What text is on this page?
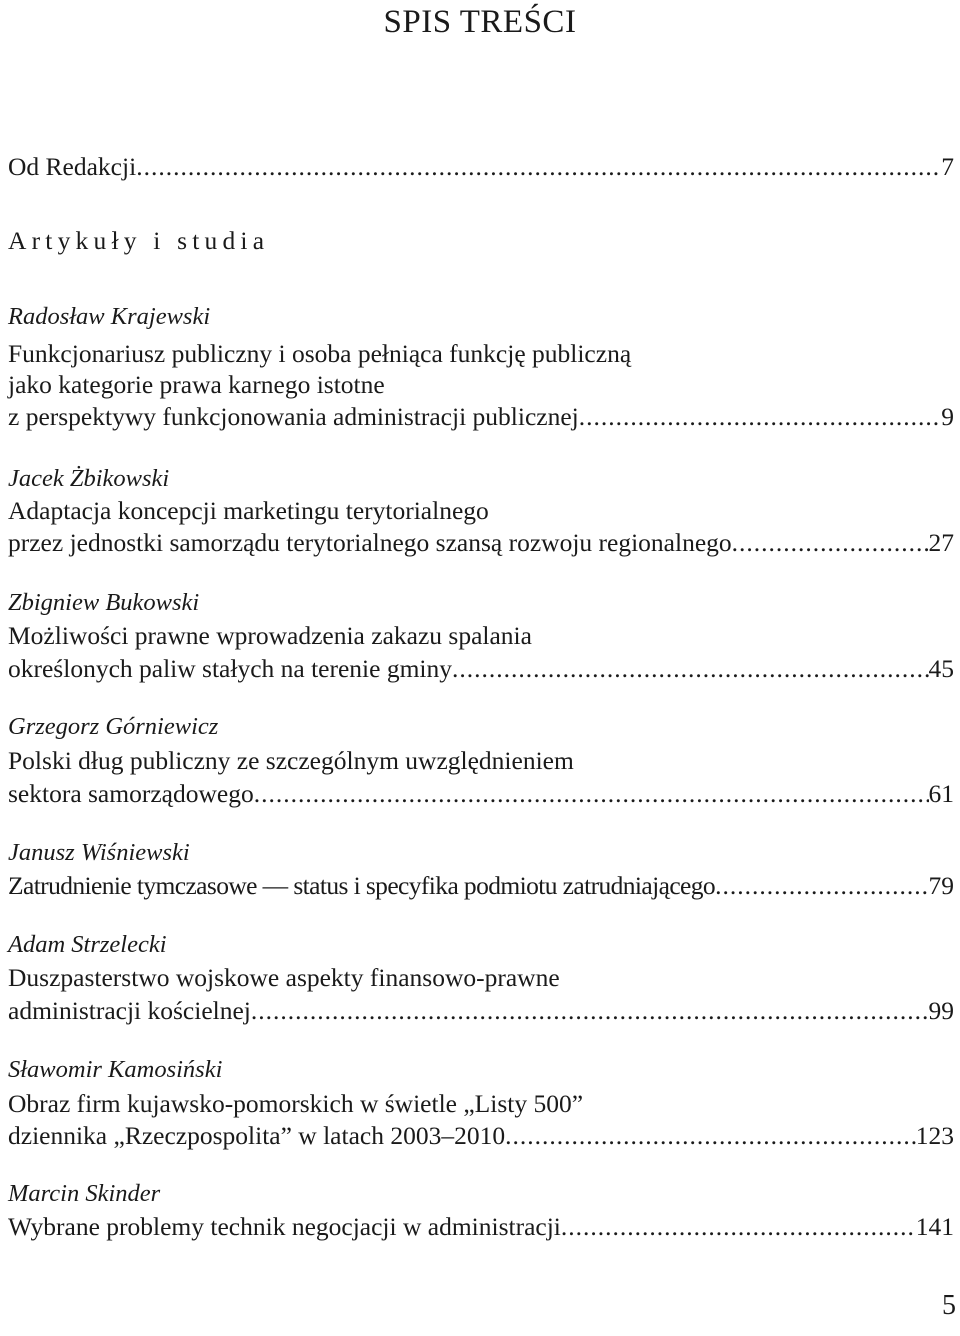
SPIS TREŚCI
Od Redakcji .....	7
Artykuły i studia
Radosław Krajewski
Funkcjonariusz publiczny i osoba pełniąca funkcję publiczną
jako kategorie prawa karnego istotne
z perspektywy funkcjonowania administracji publicznej .....	9
Jacek Żbikowski
Adaptacja koncepcji marketingu terytorialnego
przez jednostki samorządu terytorialnego szansą rozwoju regionalnego .....	27
Zbigniew Bukowski
Możliwości prawne wprowadzenia zakazu spalania
określonych paliw stałych na terenie gminy .....	45
Grzegorz Górniewicz
Polski dług publiczny ze szczególnym uwzględnieniem
sektora samorządowego .....	61
Janusz Wiśniewski
Zatrudnienie tymczasowe — status i specyfika podmiotu zatrudniającego .....	79
Adam Strzelecki
Duszpasterstwo wojskowe aspekty finansowo-prawne
administracji kościelnej .....	99
Sławomir Kamosiński
Obraz firm kujawsko-pomorskich w świetle „Listy 500”
dziennika „Rzeczpospolita” w latach 2003–2010 .....	123
Marcin Skinder
Wybrane problemy technik negocjacji w administracji .....	141
5
